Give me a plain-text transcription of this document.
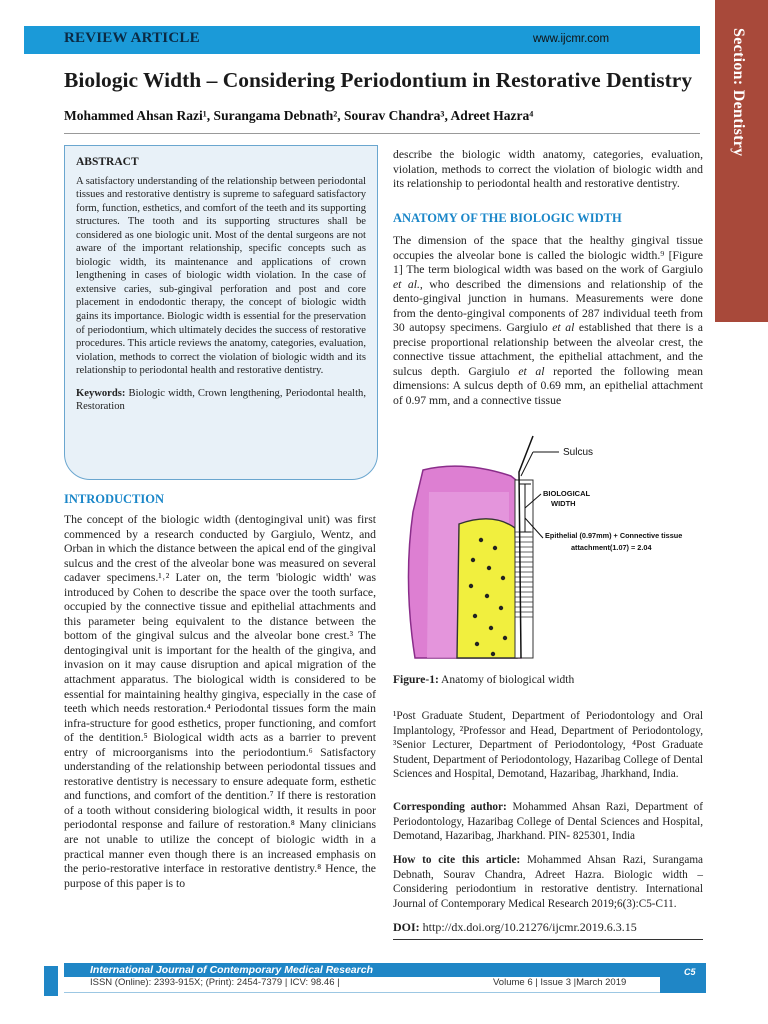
REVIEW ARTICLE	www.ijcmr.com	Section: Dentistry
Biologic Width – Considering Periodontium in Restorative Dentistry
Mohammed Ahsan Razi¹, Surangama Debnath², Sourav Chandra³, Adreet Hazra⁴
ABSTRACT
A satisfactory understanding of the relationship between periodontal tissues and restorative dentistry is supreme to safeguard satisfactory form, function, esthetics, and comfort of the teeth and its supporting structures. The tooth and its supporting structures shall be considered as one biologic unit. Most of the dental surgeons are not aware of the important relationship, specific concepts such as biologic width, its maintenance and applications of crown lengthening in cases of biologic width violation. In the case of extensive caries, sub-gingival perforation and post and core placement in endodontic therapy, the concept of biologic width gains its importance. Biologic width is essential for the preservation of periodontium, which ultimately decides the success of restorative procedures. This article reviews the anatomy, categories, evaluation, violation, methods to correct the violation of biologic width and its relationship to periodontal health and restorative dentistry.
Keywords: Biologic width, Crown lengthening, Periodontal health, Restoration
INTRODUCTION
The concept of the biologic width (dentogingival unit) was first commenced by a research conducted by Gargiulo, Wentz, and Orban in which the distance between the apical end of the gingival sulcus and the crest of the alveolar bone was measured on several cadaver specimens.¹˒² Later on, the term 'biologic width' was introduced by Cohen to describe the space over the tooth surface, occupied by the connective tissue and epithelial attachments and this parameter being equivalent to the distance between the bottom of the gingival sulcus and the alveolar bone crest.³ The dentogingival unit is important for the health of the gingiva, and invasion on it may cause disruption and apical migration of the attachment apparatus. The biological width is considered to be essential for maintaining healthy gingiva, especially in the case of teeth which needs restoration.⁴ Periodontal tissues form the main infra-structure for good esthetics, proper functioning, and comfort of the dentition.⁵ Biological width acts as a barrier to prevent entry of microorganisms into the periodontium.⁶ Satisfactory understanding of the relationship between periodontal tissues and restorative dentistry is necessary to ensure adequate form, esthetic and functions, and comfort of the dentition.⁷ If there is restoration of a tooth without considering biological width, it results in poor periodontal response and failure of restoration.⁸ Many clinicians are not unable to utilize the concept of biologic width in a practical manner even though there is an increased emphasis on the perio-restorative interface in restorative dentistry.⁸ Hence, the purpose of this paper is to
describe the biologic width anatomy, categories, evaluation, violation, methods to correct the violation of biologic width and its relationship to periodontal health and restorative dentistry.
ANATOMY OF THE BIOLOGIC WIDTH
The dimension of the space that the healthy gingival tissue occupies the alveolar bone is called the biologic width.⁹ [Figure 1] The term biological width was based on the work of Gargiulo et al., who described the dimensions and relationship of the dento-gingival junction in humans. Measurements were done from the dento-gingival components of 287 individual teeth from 30 autopsy specimens. Gargiulo et al established that there is a precise proportional relationship between the alveolar crest, the connective tissue attachment, the epithelial attachment, and the sulcus depth. Gargiulo et al reported the following mean dimensions: A sulcus depth of 0.69 mm, an epithelial attachment of 0.97 mm, and a connective tissue
Sulcus
BIOLOGICAL
WIDTH
Epithelial (0.97mm) + Connective tissue
attachment(1.07) = 2.04
Figure-1: Anatomy of biological width
¹Post Graduate Student, Department of Periodontology and Oral Implantology, ²Professor and Head, Department of Periodontology, ³Senior Lecturer, Department of Periodontology, ⁴Post Graduate Student, Department of Periodontology, Hazaribag College of Dental Sciences and Hospital, Demotand, Hazaribag, Jharkhand, India.
Corresponding author: Mohammed Ahsan Razi, Department of Periodontology, Hazaribag College of Dental Sciences and Hospital, Demotand, Hazaribag, Jharkhand. PIN- 825301, India
How to cite this article: Mohammed Ahsan Razi, Surangama Debnath, Sourav Chandra, Adreet Hazra. Biologic width – Considering periodontium in restorative dentistry. International Journal of Contemporary Medical Research 2019;6(3):C5-C11.
DOI: http://dx.doi.org/10.21276/ijcmr.2019.6.3.15
International Journal of Contemporary Medical Research
ISSN (Online): 2393-915X; (Print): 2454-7379 | ICV: 98.46 |	Volume 6 | Issue 3 |March 2019
C5
